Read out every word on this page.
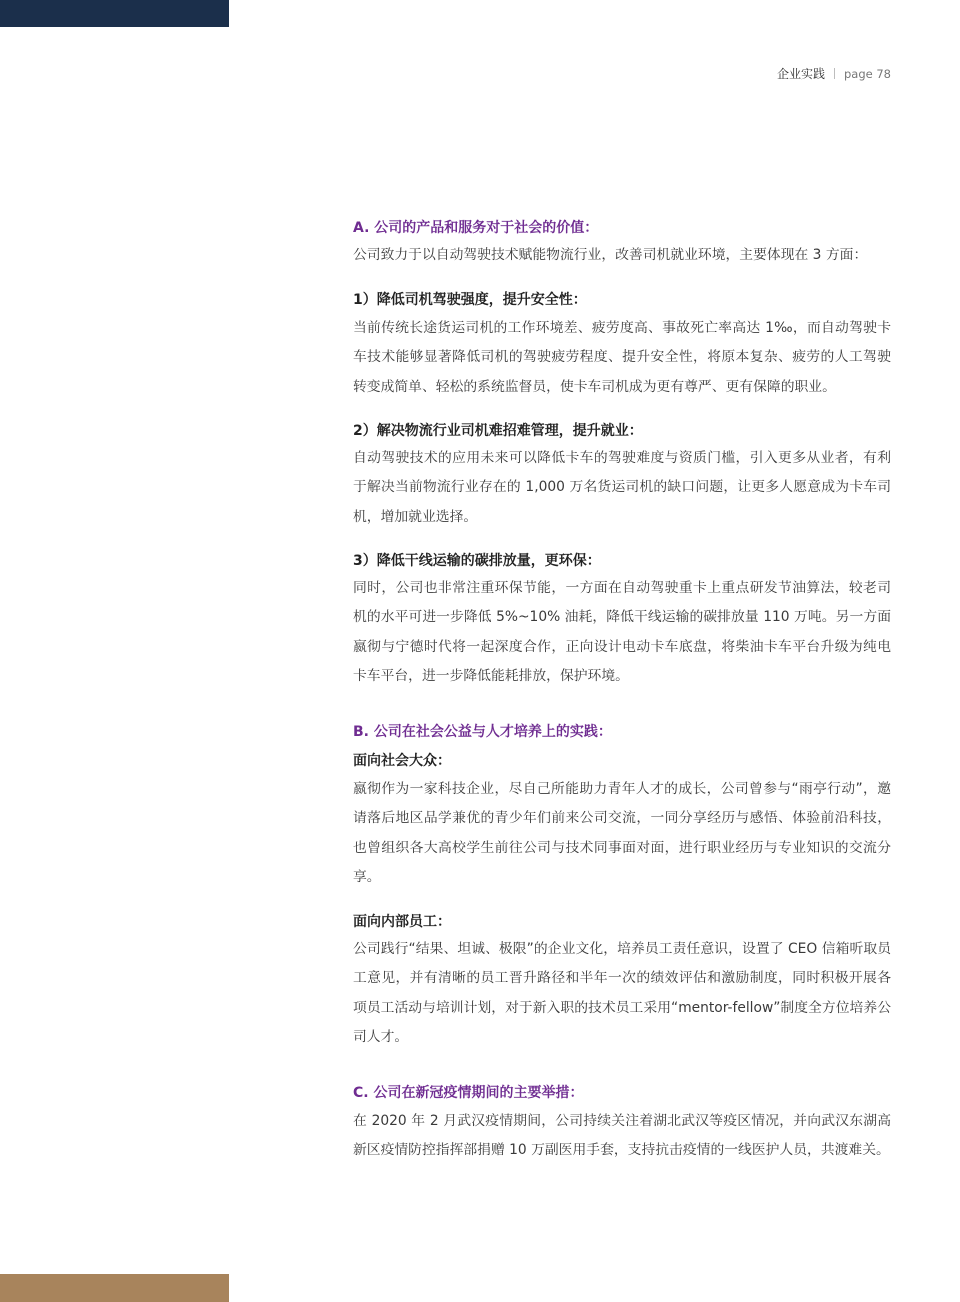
企业实践 page 78
A. 公司的产品和服务对于社会的价值：

公司致力于以自动驾驶技术赋能物流行业，改善司机就业环境，主要体现在 3 方面：

1）降低司机驾驶强度，提升安全性：

当前传统长途货运司机的工作环境差、疲劳度高、事故死亡率高达 1‰，而自动驾驶卡车技术能够显著降低司机的驾驶疲劳程度、提升安全性，将原本复杂、疲劳的人工驾驶转变成简单、轻松的系统监督员，使卡车司机成为更有尊严、更有保障的职业。

2）解决物流行业司机难招难管理，提升就业：

自动驾驶技术的应用未来可以降低卡车的驾驶难度与资质门槛，引入更多从业者，有利于解决当前物流行业存在的 1,000 万名货运司机的缺口问题，让更多人愿意成为卡车司机，增加就业选择。

3）降低干线运输的碳排放量，更环保：

同时，公司也非常注重环保节能，一方面在自动驾驶重卡上重点研发节油算法，较老司机的水平可进一步降低 5%~10% 油耗，降低干线运输的碳排放量 110 万吨。另一方面嬴彻与宁德时代将一起深度合作，正向设计电动卡车底盘，将柴油卡车平台升级为纯电卡车平台，进一步降低能耗排放，保护环境。

B. 公司在社会公益与人才培养上的实践：
面向社会大众：

嬴彻作为一家科技企业，尽自己所能助力青年人才的成长，公司曾参与“雨亭行动”，邀请落后地区品学兼优的青少年们前来公司交流，一同分享经历与感悟、体验前沿科技，也曾组织各大高校学生前往公司与技术同事面对面，进行职业经历与专业知识的交流分享。

面向内部员工：

公司践行“结果、坦诚、极限”的企业文化，培养员工责任意识，设置了 CEO 信箱听取员工意见，并有清晰的员工晋升路径和半年一次的绩效评估和激励制度，同时积极开展各项员工活动与培训计划，对于新入职的技术员工采用“mentor-fellow”制度全方位培养公司人才。

C. 公司在新冠疫情期间的主要举措：

在 2020 年 2 月武汉疫情期间，公司持续关注着湖北武汉等疫区情况，并向武汉东湖高新区疫情防控指挥部捐赠 10 万副医用手套，支持抗击疫情的一线医护人员，共渡难关。
